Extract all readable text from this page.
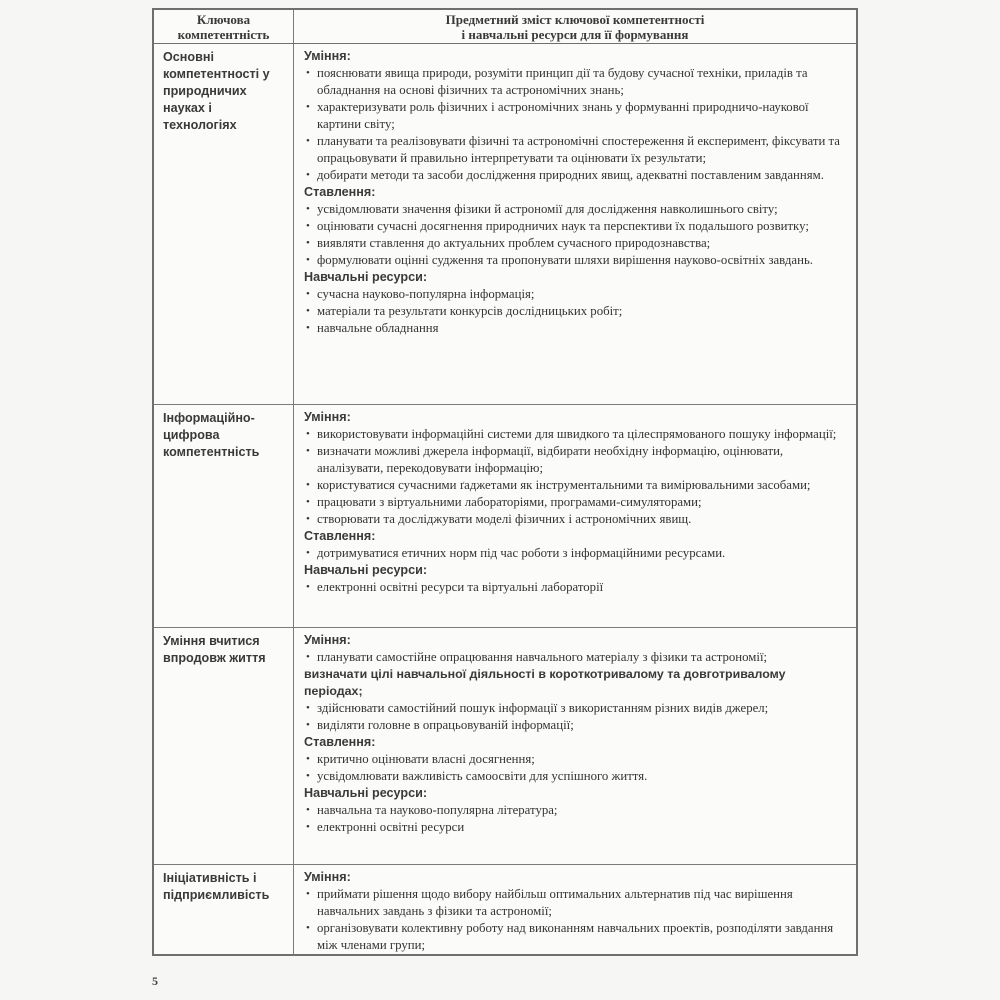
Ключова компетентність
Предметний зміст ключової компетентності
і навчальні ресурси для її формування
Основні компетентності у природничих науках і технологіях
Уміння:
• пояснювати явища природи, розуміти принцип дії та будову сучасної техніки, приладів та обладнання на основі фізичних та астрономічних знань;
• характеризувати роль фізичних і астрономічних знань у формуванні природничо-наукової картини світу;
• планувати та реалізовувати фізичні та астрономічні спостереження й експеримент, фіксувати та опрацьовувати й правильно інтерпретувати та оцінювати їх результати;
• добирати методи та засоби дослідження природних явищ, адекватні поставленим завданням.
Ставлення:
• усвідомлювати значення фізики й астрономії для дослідження навколишнього світу;
• оцінювати сучасні досягнення природничих наук та перспективи їх подальшого розвитку;
• виявляти ставлення до актуальних проблем сучасного природознавства;
• формулювати оцінні судження та пропонувати шляхи вирішення науково-освітніх завдань.
Навчальні ресурси:
• сучасна науково-популярна інформація;
• матеріали та результати конкурсів дослідницьких робіт;
• навчальне обладнання
Інформаційно-цифрова компетентність
Уміння:
• використовувати інформаційні системи для швидкого та цілеспрямованого пошуку інформації;
• визначати можливі джерела інформації, відбирати необхідну інформацію, оцінювати, аналізувати, перекодовувати інформацію;
• користуватися сучасними ґаджетами як інструментальними та вимірювальними засобами;
• працювати з віртуальними лабораторіями, програмами-симуляторами;
• створювати та досліджувати моделі фізичних і астрономічних явищ.
Ставлення:
• дотримуватися етичних норм під час роботи з інформаційними ресурсами.
Навчальні ресурси:
• електронні освітні ресурси та віртуальні лабораторії
Уміння вчитися впродовж життя
Уміння:
• планувати самостійне опрацювання навчального матеріалу з фізики та астрономії;
визначати цілі навчальної діяльності в короткотривалому та довготривалому періодах;
• здійснювати самостійний пошук інформації з використанням різних видів джерел;
• виділяти головне в опрацьовуваній інформації;
Ставлення:
• критично оцінювати власні досягнення;
• усвідомлювати важливість самоосвіти для успішного життя.
Навчальні ресурси:
• навчальна та науково-популярна література;
• електронні освітні ресурси
Ініціативність і підприємливість
Уміння:
• приймати рішення щодо вибору найбільш оптимальних альтернатив під час вирішення навчальних завдань з фізики та астрономії;
• організовувати колективну роботу над виконанням навчальних проектів, розподіляти завдання між членами групи;
5
